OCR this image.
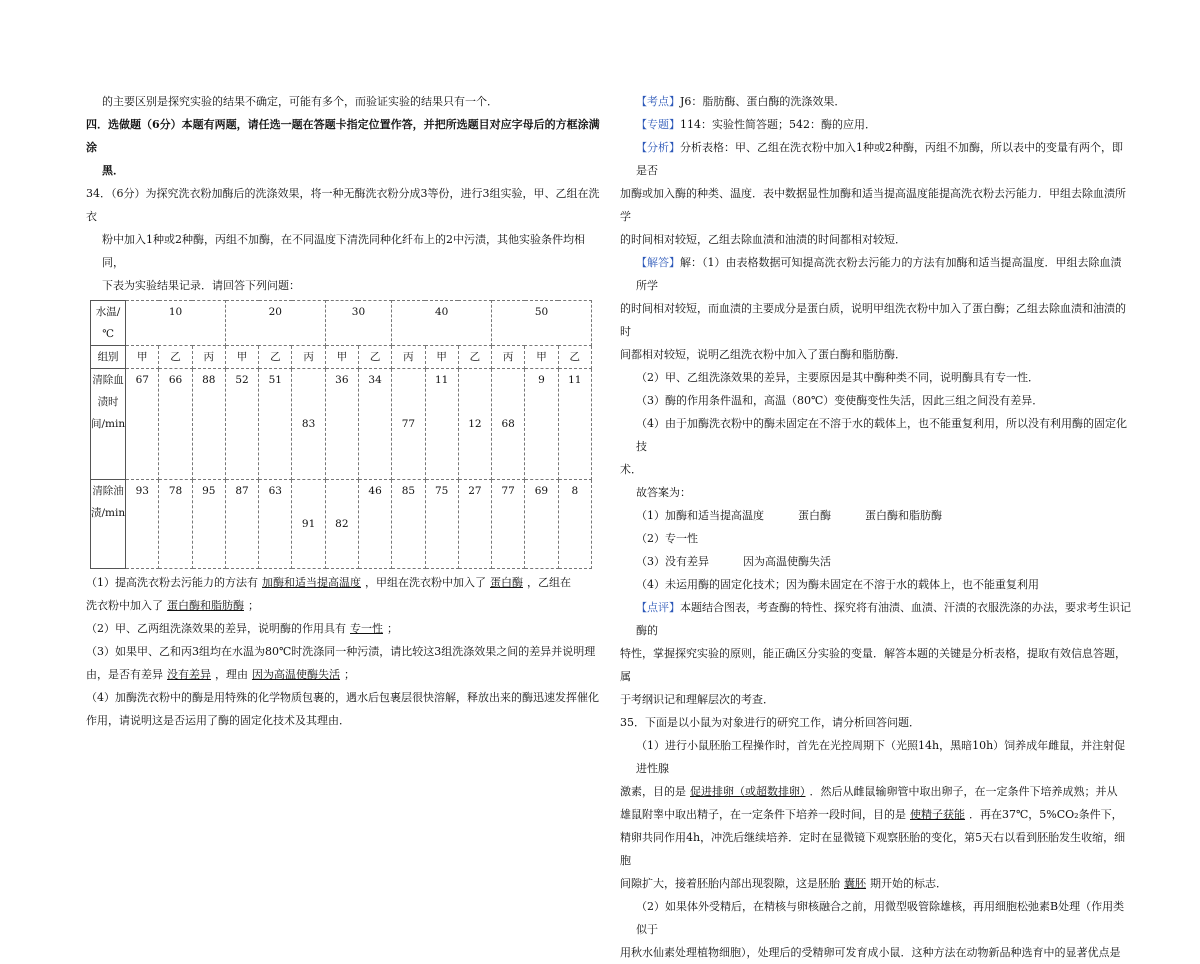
的主要区别是探究实验的结果不确定，可能有多个，而验证实验的结果只有一个．

四．选做题（6分）本题有两题，请任选一题在答题卡指定位置作答，并把所选题目对应字母后的方框涂满涂

黑．

34．（6分）为探究洗衣粉加酶后的洗涤效果，将一种无酶洗衣粉分成3等份，进行3组实验，甲、乙组在洗衣

粉中加入1种或2种酶，丙组不加酶，在不同温度下清洗同种化纤布上的2中污渍，其他实验条件均相同，

下表为实验结果记录．请回答下列问题：

水温/℃	10			20			30		40			50		
组别	甲	乙	丙	甲	乙	丙	甲	乙	丙	甲	乙	丙	甲	乙
清除血渍时间/min	67	66	88	52	51	83	36	34	77	11	12	68	9	11
清除油渍/min	93	78	95	87	63	91	82	46	85	75	27	77	69	8

（1）提高洗衣粉去污能力的方法有 加酶和适当提高温度 ，甲组在洗衣粉中加入了 蛋白酶 ，乙组在

洗衣粉中加入了 蛋白酶和脂肪酶 ；

（2）甲、乙两组洗涤效果的差异，说明酶的作用具有 专一性 ；

（3）如果甲、乙和丙3组均在水温为80℃时洗涤同一种污渍，请比较这3组洗涤效果之间的差异并说明理

由，是否有差异 没有差异 ，理由 因为高温使酶失活 ；

（4）加酶洗衣粉中的酶是用特殊的化学物质包裹的，遇水后包裹层很快溶解，释放出来的酶迅速发挥催化

作用，请说明这是否运用了酶的固定化技术及其理由．

【考点】J6：脂肪酶、蛋白酶的洗涤效果．

【专题】114：实验性简答题；542：酶的应用．

【分析】分析表格：甲、乙组在洗衣粉中加入1种或2种酶，丙组不加酶，所以表中的变量有两个，即是否

加酶或加入酶的种类、温度．表中数据显性加酶和适当提高温度能提高洗衣粉去污能力．甲组去除血渍所学

的时间相对较短，乙组去除血渍和油渍的时间都相对较短．

【解答】解：（1）由表格数据可知提高洗衣粉去污能力的方法有加酶和适当提高温度．甲组去除血渍所学

的时间相对较短，而血渍的主要成分是蛋白质，说明甲组洗衣粉中加入了蛋白酶；乙组去除血渍和油渍的时

间都相对较短，说明乙组洗衣粉中加入了蛋白酶和脂肪酶．

（2）甲、乙组洗涤效果的差异，主要原因是其中酶种类不同，说明酶具有专一性．

（3）酶的作用条件温和，高温（80℃）变使酶变性失活，因此三组之间没有差异．

（4）由于加酶洗衣粉中的酶未固定在不溶于水的载体上，也不能重复利用，所以没有利用酶的固定化技

术．

故答案为：

（1）加酶和适当提高温度	蛋白酶	蛋白酶和脂肪酶

（2）专一性

（3）没有差异	因为高温使酶失活

（4）未运用酶的固定化技术；因为酶未固定在不溶于水的载体上，也不能重复利用

【点评】本题结合图表，考查酶的特性、探究将有油渍、血渍、汗渍的衣服洗涤的办法，要求考生识记酶的

特性，掌握探究实验的原则，能正确区分实验的变量．解答本题的关键是分析表格，提取有效信息答题，属

于考纲识记和理解层次的考查．

35．下面是以小鼠为对象进行的研究工作，请分析回答问题．

（1）进行小鼠胚胎工程操作时，首先在光控周期下（光照14h，黑暗10h）饲养成年雌鼠，并注射促进性腺

激素，目的是 促进排卵（或超数排卵） ．然后从雌鼠输卵管中取出卵子，在一定条件下培养成熟；并从

雄鼠附睾中取出精子，在一定条件下培养一段时间，目的是 使精子获能 ．再在37℃，5%CO₂条件下，

精卵共同作用4h，冲洗后继续培养．定时在显微镜下观察胚胎的变化，第5天右以看到胚胎发生收缩，细胞

间隙扩大，接着胚胎内部出现裂隙，这是胚胎 囊胚 期开始的标志．

（2）如果体外受精后，在精核与卵核融合之前，用微型吸管除雄核，再用细胞松弛素B处理（作用类似于

用秋水仙素处理植物细胞），处理后的受精卵可发育成小鼠．这种方法在动物新品种选育中的显著优点是
